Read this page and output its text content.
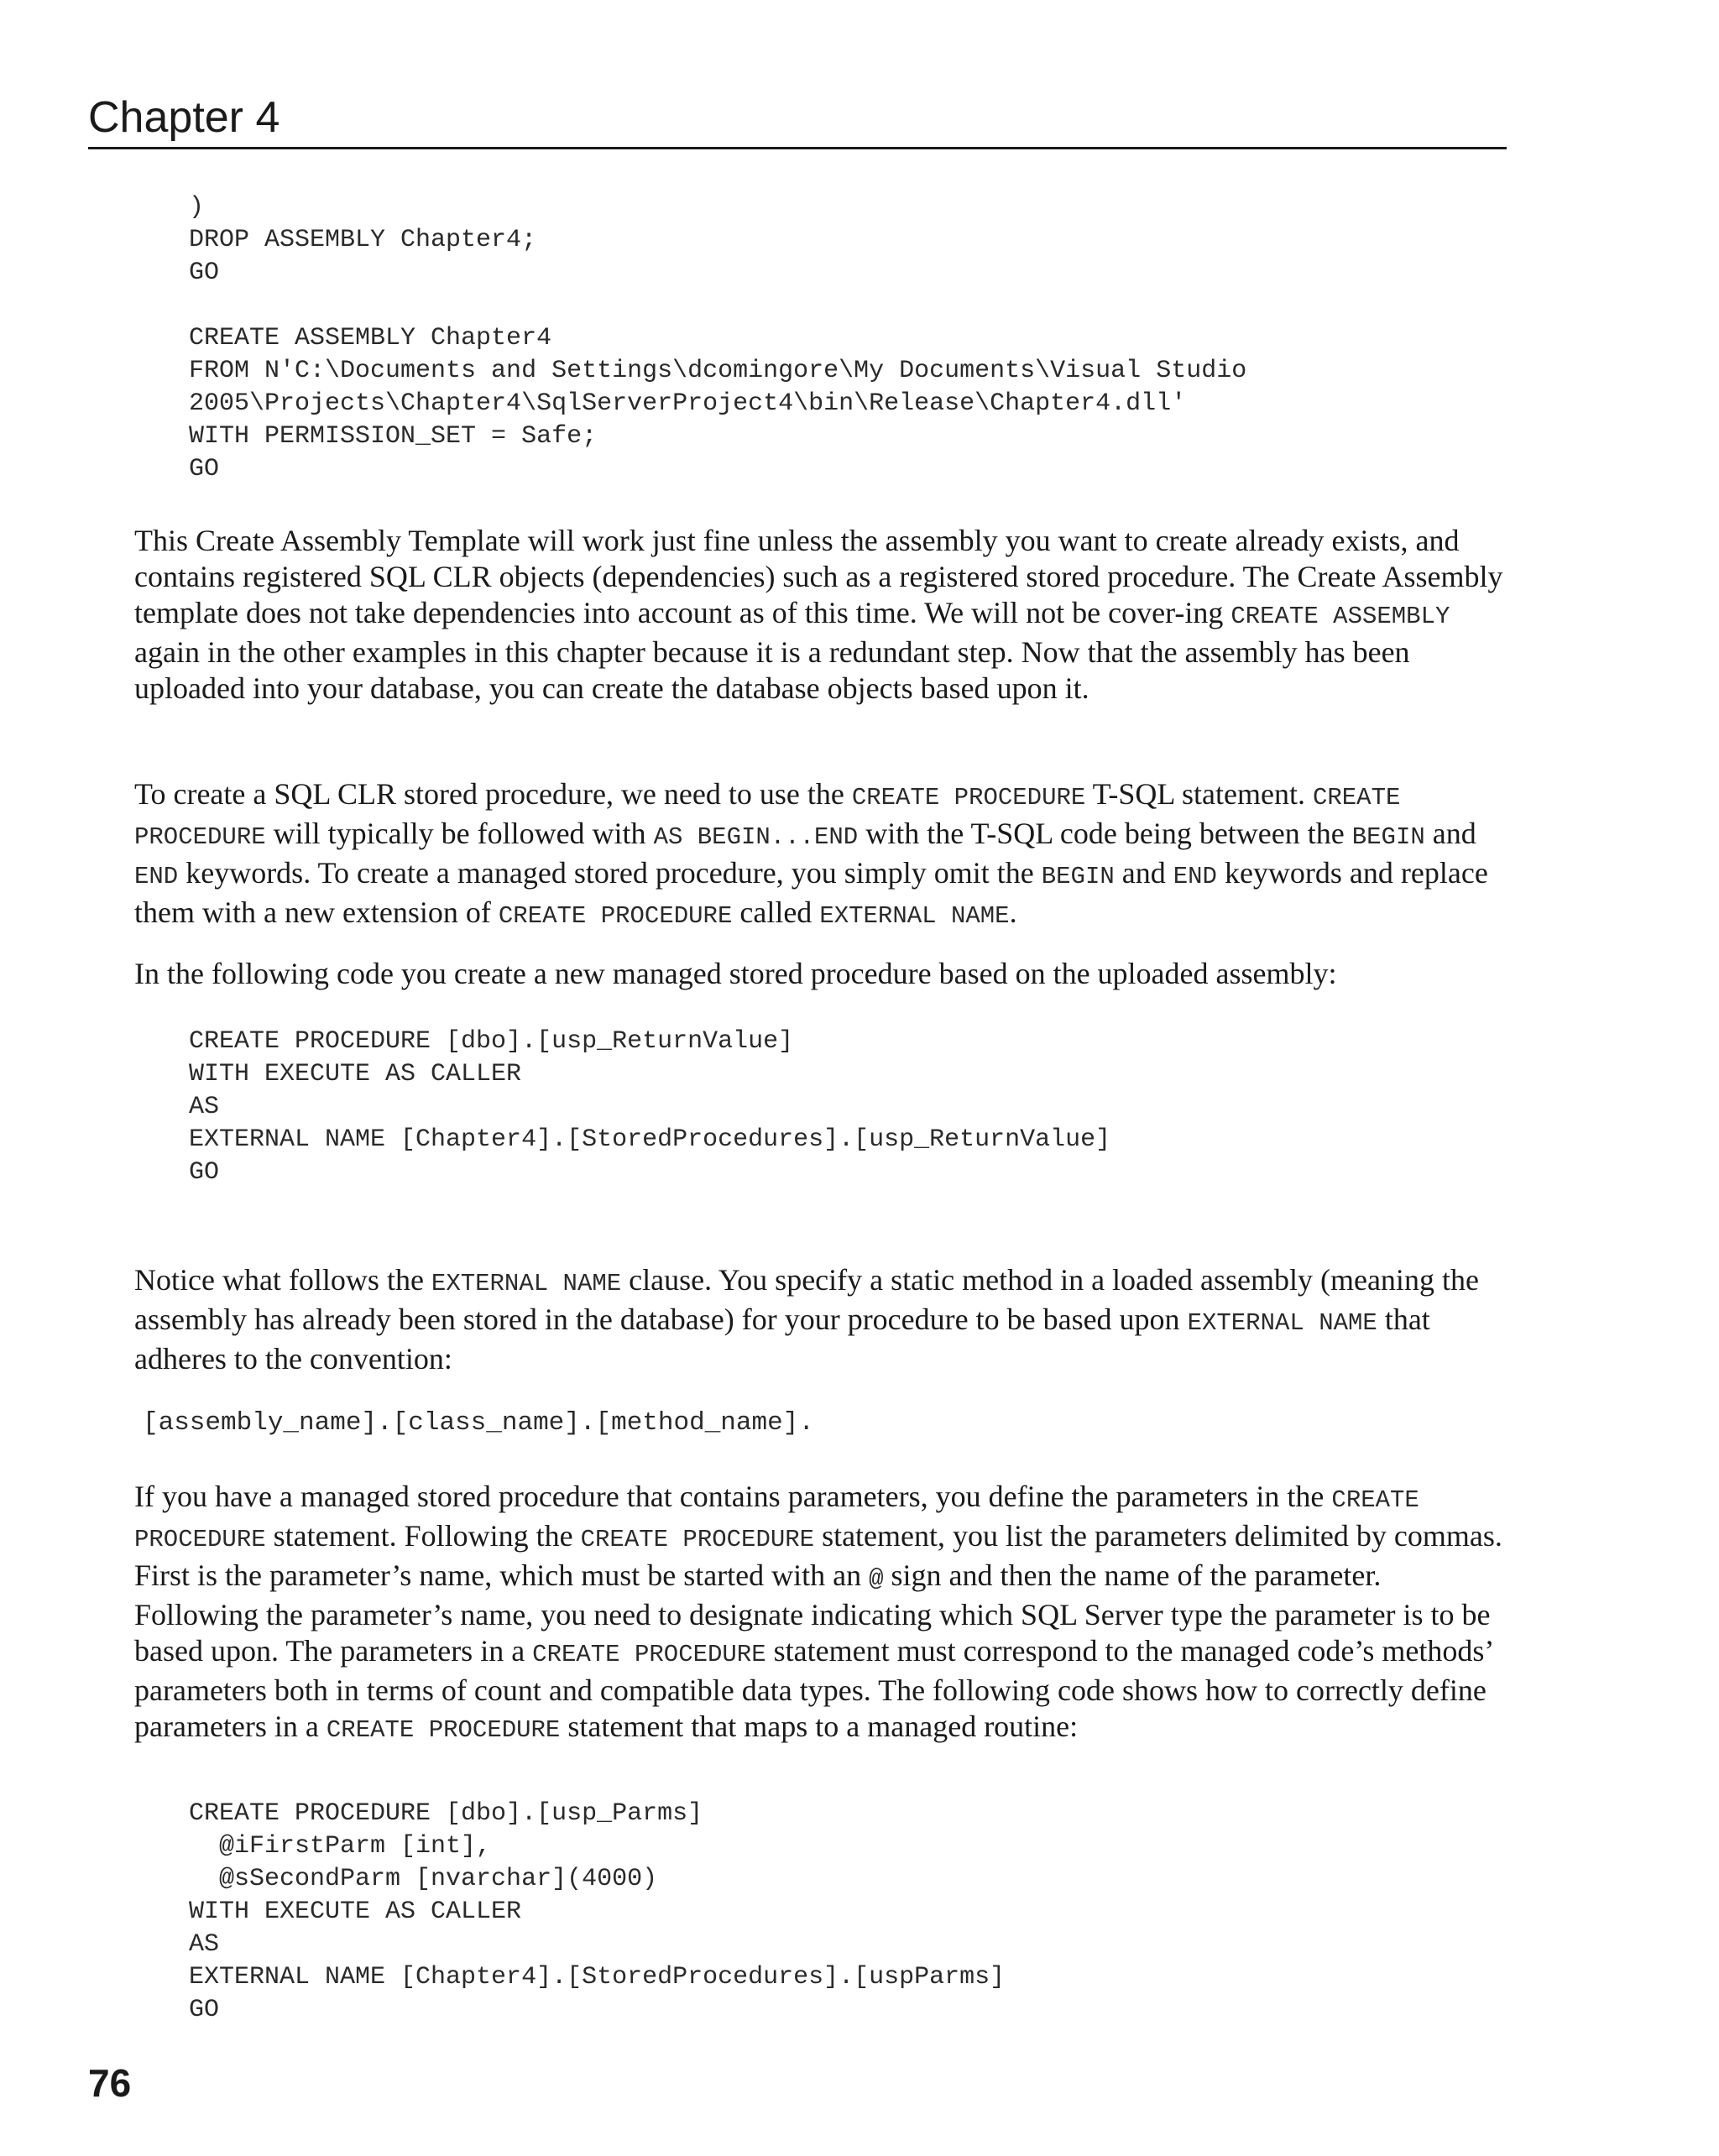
Chapter 4
)
DROP ASSEMBLY Chapter4;
GO

CREATE ASSEMBLY Chapter4
FROM N'C:\Documents and Settings\dcomingore\My Documents\Visual Studio
2005\Projects\Chapter4\SqlServerProject4\bin\Release\Chapter4.dll'
WITH PERMISSION_SET = Safe;
GO

This Create Assembly Template will work just fine unless the assembly you want to create already exists, and contains registered SQL CLR objects (dependencies) such as a registered stored procedure. The Create Assembly template does not take dependencies into account as of this time. We will not be cover-ing CREATE ASSEMBLY again in the other examples in this chapter because it is a redundant step. Now that the assembly has been uploaded into your database, you can create the database objects based upon it.

To create a SQL CLR stored procedure, we need to use the CREATE PROCEDURE T-SQL statement. CREATE PROCEDURE will typically be followed with AS BEGIN...END with the T-SQL code being between the BEGIN and END keywords. To create a managed stored procedure, you simply omit the BEGIN and END keywords and replace them with a new extension of CREATE PROCEDURE called EXTERNAL NAME.

In the following code you create a new managed stored procedure based on the uploaded assembly:

CREATE PROCEDURE [dbo].[usp_ReturnValue]
WITH EXECUTE AS CALLER
AS
EXTERNAL NAME [Chapter4].[StoredProcedures].[usp_ReturnValue]
GO

Notice what follows the EXTERNAL NAME clause. You specify a static method in a loaded assembly (meaning the assembly has already been stored in the database) for your procedure to be based upon EXTERNAL NAME that adheres to the convention:

[assembly_name].[class_name].[method_name].

If you have a managed stored procedure that contains parameters, you define the parameters in the CREATE PROCEDURE statement. Following the CREATE PROCEDURE statement, you list the parameters delimited by commas. First is the parameter’s name, which must be started with an @ sign and then the name of the parameter. Following the parameter’s name, you need to designate indicating which SQL Server type the parameter is to be based upon. The parameters in a CREATE PROCEDURE statement must correspond to the managed code’s methods’ parameters both in terms of count and compatible data types. The following code shows how to correctly define parameters in a CREATE PROCEDURE statement that maps to a managed routine:

CREATE PROCEDURE [dbo].[usp_Parms]
@iFirstParm [int],
@sSecondParm [nvarchar](4000)
WITH EXECUTE AS CALLER
AS
EXTERNAL NAME [Chapter4].[StoredProcedures].[uspParms]
GO
76
